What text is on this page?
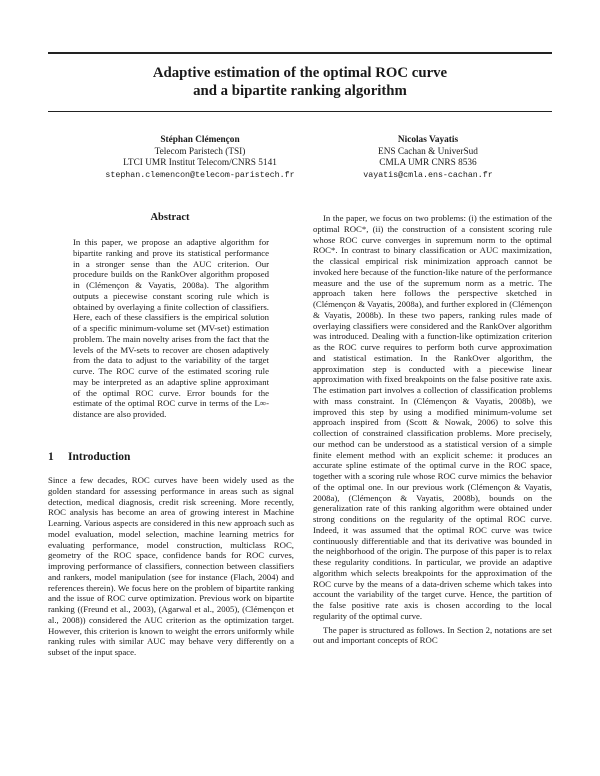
Adaptive estimation of the optimal ROC curve
and a bipartite ranking algorithm
Stéphan Clémençon
Telecom Paristech (TSI)
LTCI UMR Institut Telecom/CNRS 5141
stephan.clemencon@telecom-paristech.fr
Nicolas Vayatis
ENS Cachan & UniverSud
CMLA UMR CNRS 8536
vayatis@cmla.ens-cachan.fr
Abstract

In this paper, we propose an adaptive algorithm for bipartite ranking and prove its statistical performance in a stronger sense than the AUC criterion. Our procedure builds on the RankOver algorithm proposed in (Clémençon & Vayatis, 2008a). The algorithm outputs a piecewise constant scoring rule which is obtained by overlaying a finite collection of classifiers. Here, each of these classifiers is the empirical solution of a specific minimum-volume set (MV-set) estimation problem. The main novelty arises from the fact that the levels of the MV-sets to recover are chosen adaptively from the data to adjust to the variability of the target curve. The ROC curve of the estimated scoring rule may be interpreted as an adaptive spline approximant of the optimal ROC curve. Error bounds for the estimate of the optimal ROC curve in terms of the L∞-distance are also provided.

1 Introduction

Since a few decades, ROC curves have been widely used as the golden standard for assessing performance in areas such as signal detection, medical diagnosis, credit risk screening. More recently, ROC analysis has become an area of growing interest in Machine Learning. Various aspects are considered in this new approach such as model evaluation, model selection, machine learning metrics for evaluating performance, model construction, multiclass ROC, geometry of the ROC space, confidence bands for ROC curves, improving performance of classifiers, connection between classifiers and rankers, model manipulation (see for instance (Flach, 2004) and references therein). We focus here on the problem of bipartite ranking and the issue of ROC curve optimization. Previous work on bipartite ranking ((Freund et al., 2003), (Agarwal et al., 2005), (Clémençon et al., 2008)) considered the AUC criterion as the optimization target. However, this criterion is known to weight the errors uniformly while ranking rules with similar AUC may behave very differently on a subset of the input space.

In the paper, we focus on two problems: (i) the estimation of the optimal ROC*, (ii) the construction of a consistent scoring rule whose ROC curve converges in supremum norm to the optimal ROC*. In contrast to binary classification or AUC maximization, the classical empirical risk minimization approach cannot be invoked here because of the function-like nature of the performance measure and the use of the supremum norm as a metric. The approach taken here follows the perspective sketched in (Clémençon & Vayatis, 2008a), and further explored in (Clémençon & Vayatis, 2008b). In these two papers, ranking rules made of overlaying classifiers were considered and the RankOver algorithm was introduced. Dealing with a function-like optimization criterion as the ROC curve requires to perform both curve approximation and statistical estimation. In the RankOver algorithm, the approximation step is conducted with a piecewise linear approximation with fixed breakpoints on the false positive rate axis. The estimation part involves a collection of classification problems with mass constraint. In (Clémençon & Vayatis, 2008b), we improved this step by using a modified minimum-volume set approach inspired from (Scott & Nowak, 2006) to solve this collection of constrained classification problems. More precisely, our method can be understood as a statistical version of a simple finite element method with an explicit scheme: it produces an accurate spline estimate of the optimal curve in the ROC space, together with a scoring rule whose ROC curve mimics the behavior of the optimal one. In our previous work (Clémençon & Vayatis, 2008a), (Clémençon & Vayatis, 2008b), bounds on the generalization rate of this ranking algorithm were obtained under strong conditions on the regularity of the optimal ROC curve. Indeed, it was assumed that the optimal ROC curve was twice continuously differentiable and that its derivative was bounded in the neighborhood of the origin. The purpose of this paper is to relax these regularity conditions. In particular, we provide an adaptive algorithm which selects breakpoints for the approximation of the ROC curve by the means of a data-driven scheme which takes into account the variability of the target curve. Hence, the partition of the false positive rate axis is chosen according to the local regularity of the optimal curve.

The paper is structured as follows. In Section 2, notations are set out and important concepts of ROC
